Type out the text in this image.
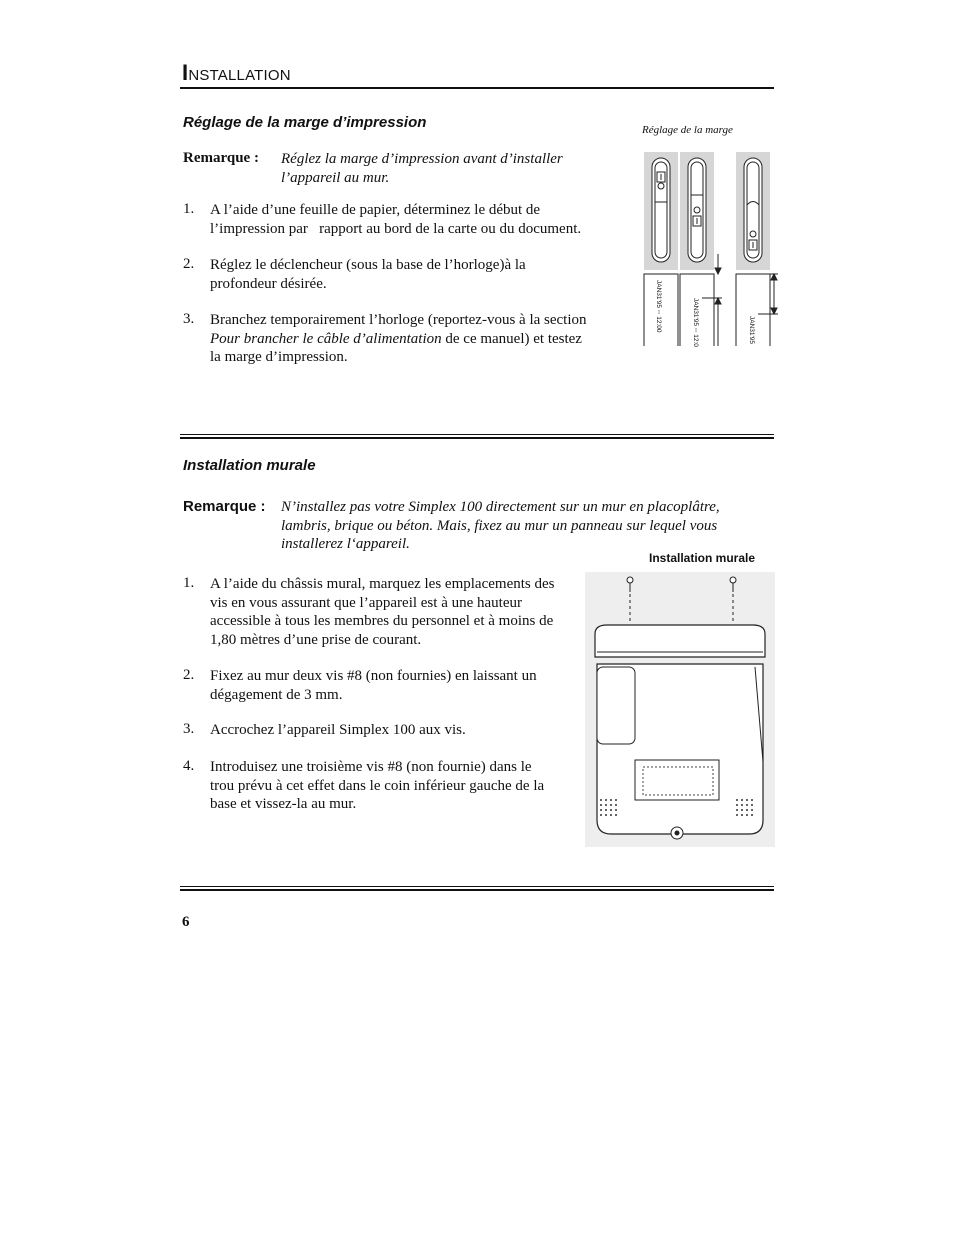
INSTALLATION
Réglage de la marge d’impression
Remarque : Réglez la marge d’impression avant d’installer
l’appareil au mur.
1. A l’aide d’une feuille de papier, déterminez le début de
l’impression par   rapport au bord de la carte ou du document.
2. Réglez le déclencheur (sous la base de l’horloge)à la
profondeur désirée.
3. Branchez temporairement l’horloge (reportez-vous à la section
Pour brancher le câble d’alimentation de ce manuel) et testez
la marge d’impression.
Réglage de la marge
JAN31'95 ◦◦ 12:00	JAN31'95 ◦◦ 12:0	JAN31'95
Installation murale
Remarque : N’installez pas votre Simplex 100 directement sur un mur en placoplâtre,
lambris, brique ou béton. Mais, fixez au mur un panneau sur lequel vous
installerez l‘appareil.
Installation murale
1. A l’aide du châssis mural, marquez les emplacements des
vis en vous assurant que l’appareil est à une hauteur
accessible à tous les membres du personnel et à moins de
1,80 mètres d’une prise de courant.
2. Fixez au mur deux vis #8 (non fournies) en laissant un
dégagement de 3 mm.
3. Accrochez l’appareil Simplex 100 aux vis.
4. Introduisez une troisième vis #8 (non fournie) dans le
trou prévu à cet effet dans le coin inférieur gauche de la
base et vissez-la au mur.
6
